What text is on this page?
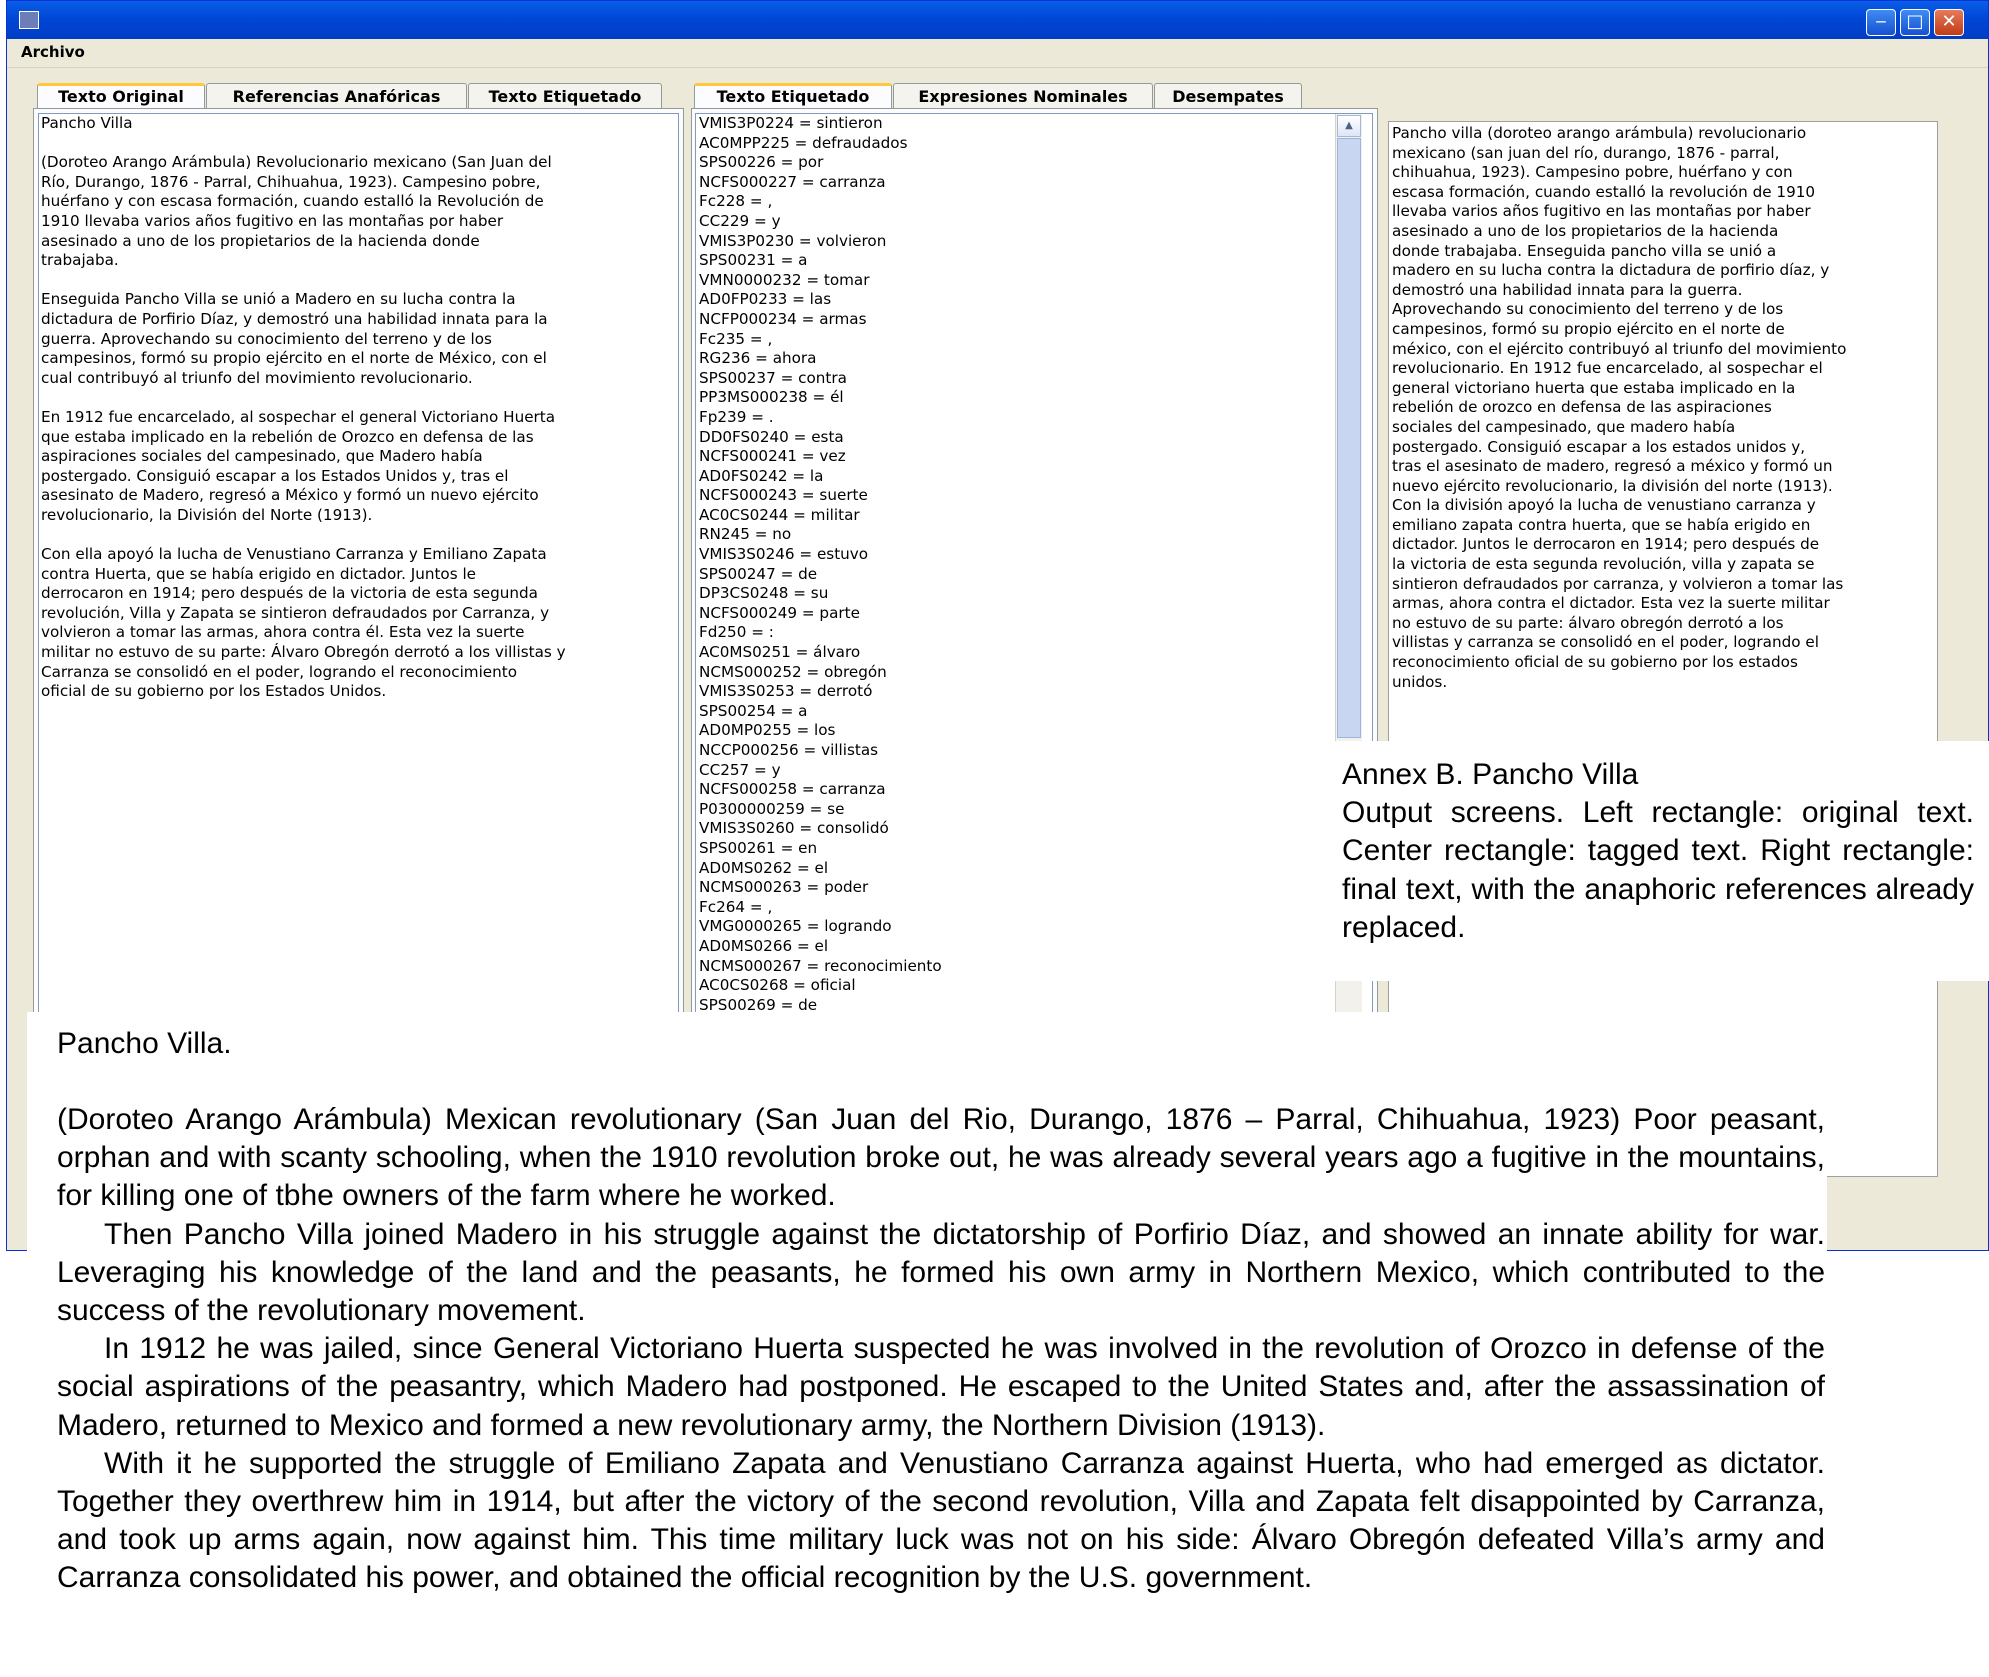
‒	□ ✕
Archivo
Texto Original	Referencias Anafóricas	Texto Etiquetado

Pancho Villa

(Doroteo Arango Arámbula) Revolucionario mexicano (San Juan del
Río, Durango, 1876 - Parral, Chihuahua, 1923). Campesino pobre,
huérfano y con escasa formación, cuando estalló la Revolución de
1910 llevaba varios años fugitivo en las montañas por haber
asesinado a uno de los propietarios de la hacienda donde
trabajaba.

Enseguida Pancho Villa se unió a Madero en su lucha contra la
dictadura de Porfirio Díaz, y demostró una habilidad innata para la
guerra. Aprovechando su conocimiento del terreno y de los
campesinos, formó su propio ejército en el norte de México, con el
cual contribuyó al triunfo del movimiento revolucionario.

En 1912 fue encarcelado, al sospechar el general Victoriano Huerta
que estaba implicado en la rebelión de Orozco en defensa de las
aspiraciones sociales del campesinado, que Madero había
postergado. Consiguió escapar a los Estados Unidos y, tras el
asesinato de Madero, regresó a México y formó un nuevo ejército
revolucionario, la División del Norte (1913).

Con ella apoyó la lucha de Venustiano Carranza y Emiliano Zapata
contra Huerta, que se había erigido en dictador. Juntos le
derrocaron en 1914; pero después de la victoria de esta segunda
revolución, Villa y Zapata se sintieron defraudados por Carranza, y
volvieron a tomar las armas, ahora contra él. Esta vez la suerte
militar no estuvo de su parte: Álvaro Obregón derrotó a los villistas y
Carranza se consolidó en el poder, logrando el reconocimiento
oficial de su gobierno por los Estados Unidos.

Texto Etiquetado	Expresiones Nominales	Desempates
VMIS3P0224 = sintieron
AC0MPP225 = defraudados
SPS00226 = por
NCFS000227 = carranza
Fc228 = ,
CC229 = y
VMIS3P0230 = volvieron
SPS00231 = a
VMN0000232 = tomar
AD0FP0233 = las
NCFP000234 = armas
Fc235 = ,
RG236 = ahora
SPS00237 = contra
PP3MS000238 = él
Fp239 = .
DD0FS0240 = esta
NCFS000241 = vez
AD0FS0242 = la
NCFS000243 = suerte
AC0CS0244 = militar
RN245 = no
VMIS3S0246 = estuvo
SPS00247 = de
DP3CS0248 = su
NCFS000249 = parte
Fd250 = :
AC0MS0251 = álvaro
NCMS000252 = obregón
VMIS3S0253 = derrotó
SPS00254 = a
AD0MP0255 = los
NCCP000256 = villistas
CC257 = y
NCFS000258 = carranza
P0300000259 = se
VMIS3S0260 = consolidó
SPS00261 = en
AD0MS0262 = el
NCMS000263 = poder
Fc264 = ,
VMG0000265 = logrando
AD0MS0266 = el
NCMS000267 = reconocimiento
AC0CS0268 = oficial
SPS00269 = de
▲	Pancho villa (doroteo arango arámbula) revolucionario
mexicano (san juan del río, durango, 1876 - parral,
chihuahua, 1923). Campesino pobre, huérfano y con
escasa formación, cuando estalló la revolución de 1910
llevaba varios años fugitivo en las montañas por haber
asesinado a uno de los propietarios de la hacienda
donde trabajaba. Enseguida pancho villa se unió a
madero en su lucha contra la dictadura de porfirio díaz, y
demostró una habilidad innata para la guerra.
Aprovechando su conocimiento del terreno y de los
campesinos, formó su propio ejército en el norte de
méxico, con el ejército contribuyó al triunfo del movimiento
revolucionario. En 1912 fue encarcelado, al sospechar el
general victoriano huerta que estaba implicado en la
rebelión de orozco en defensa de las aspiraciones
sociales del campesinado, que madero había
postergado. Consiguió escapar a los estados unidos y,
tras el asesinato de madero, regresó a méxico y formó un
nuevo ejército revolucionario, la división del norte (1913).
Con la división apoyó la lucha de venustiano carranza y
emiliano zapata contra huerta, que se había erigido en
dictador. Juntos le derrocaron en 1914; pero después de
la victoria de esta segunda revolución, villa y zapata se
sintieron defraudados por carranza, y volvieron a tomar las
armas, ahora contra el dictador. Esta vez la suerte militar
no estuvo de su parte: álvaro obregón derrotó a los
villistas y carranza se consolidó en el poder, logrando el
reconocimiento oficial de su gobierno por los estados
unidos.
Annex B. Pancho Villa
Output screens. Left rectangle: original text. Center rectangle: tagged text. Right rectangle: final text, with the anaphoric references already replaced.
Pancho Villa.

(Doroteo Arango Arámbula) Mexican revolutionary (San Juan del Rio, Durango, 1876 – Parral, Chihuahua, 1923) Poor peasant, orphan and with scanty schooling, when the 1910 revolution broke out, he was already several years ago a fugitive in the mountains, for killing one of tbhe owners of the farm where he worked.

Then Pancho Villa joined Madero in his struggle against the dictatorship of Porfirio Díaz, and showed an innate ability for war. Leveraging his knowledge of the land and the peasants, he formed his own army in Northern Mexico, which contributed to the success of the revolutionary movement.

In 1912 he was jailed, since General Victoriano Huerta suspected he was involved in the revolution of Orozco in defense of the social aspirations of the peasantry, which Madero had postponed. He escaped to the United States and, after the assassination of Madero, returned to Mexico and formed a new revolutionary army, the Northern Division (1913).

With it he supported the struggle of Emiliano Zapata and Venustiano Carranza against Huerta, who had emerged as dictator. Together they overthrew him in 1914, but after the victory of the second revolution, Villa and Zapata felt disappointed by Carranza, and took up arms again, now against him. This time military luck was not on his side: Álvaro Obregón defeated Villa’s army and Carranza consolidated his power, and obtained the official recognition by the U.S. government.
